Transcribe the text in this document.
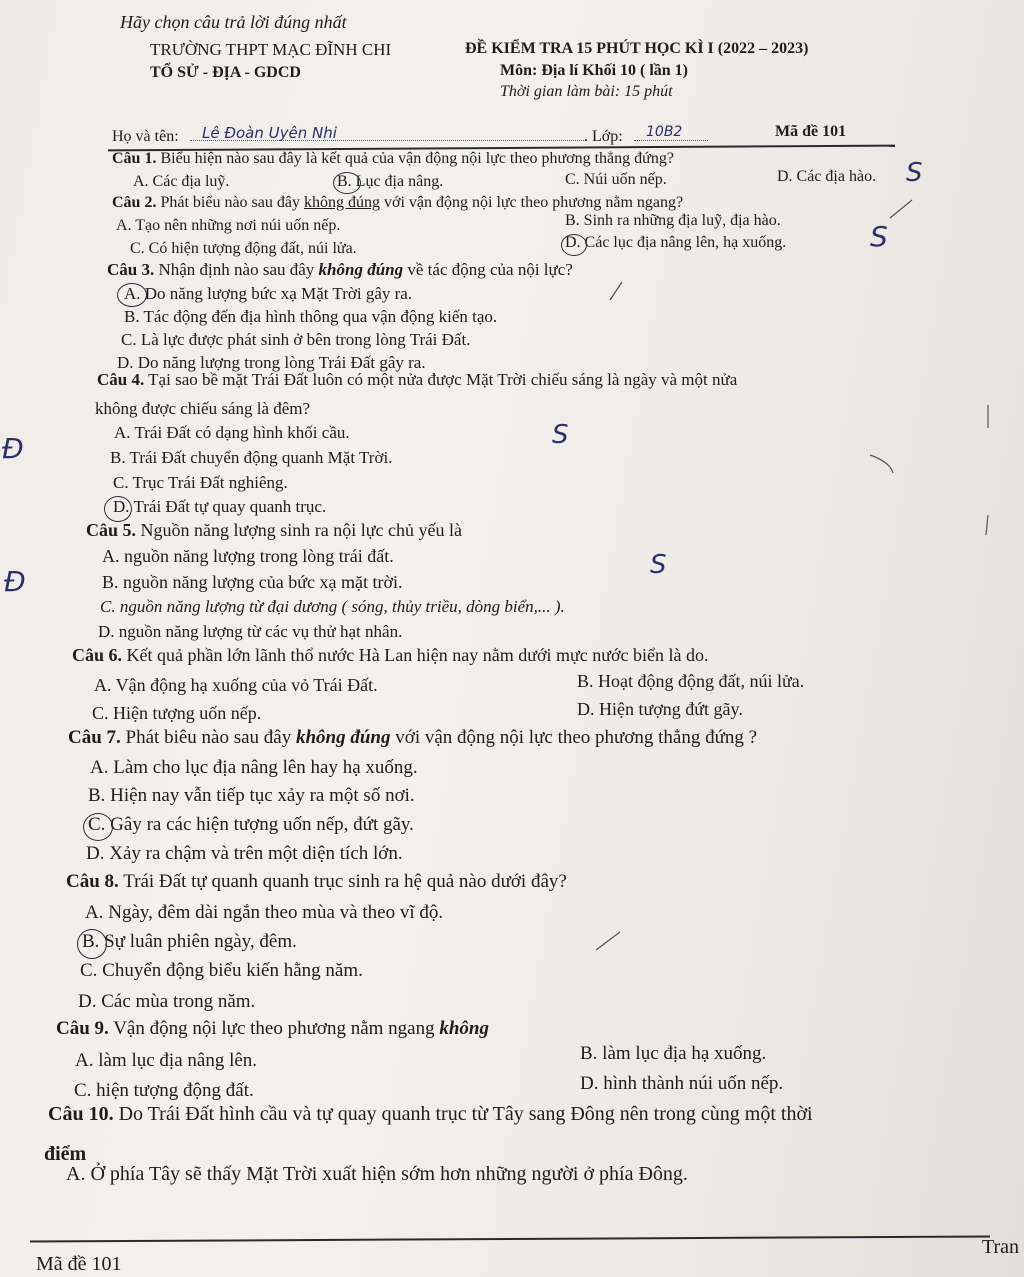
Hãy chọn câu trả lời đúng nhất
TRƯỜNG THPT MẠC ĐĨNH CHI
TỔ SỬ - ĐỊA - GDCD
ĐỀ KIỂM TRA 15 PHÚT HỌC KÌ I (2022 – 2023)
Môn: Địa lí Khối 10 ( lần 1)
Thời gian làm bài: 15 phút
Họ và tên: Lê Đoàn Uyên Nhi	. Lớp: 10B2	Mã đề 101
Câu 1. Biểu hiện nào sau đây là kết quả của vận động nội lực theo phương thẳng đứng?
A. Các địa luỹ.	B. Lục địa nâng.	C. Núi uốn nếp.	D. Các địa hào.
Câu 2. Phát biểu nào sau đây không đúng với vận động nội lực theo phương nằm ngang?
A. Tạo nên những nơi núi uốn nếp.	B. Sinh ra những địa luỹ, địa hào.
C. Có hiện tượng động đất, núi lửa.	D. Các lục địa nâng lên, hạ xuống.
Câu 3. Nhận định nào sau đây không đúng về tác động của nội lực?
A. Do năng lượng bức xạ Mặt Trời gây ra.
B. Tác động đến địa hình thông qua vận động kiến tạo.
C. Là lực được phát sinh ở bên trong lòng Trái Đất.
D. Do năng lượng trong lòng Trái Đất gây ra.
Câu 4. Tại sao bề mặt Trái Đất luôn có một nửa được Mặt Trời chiếu sáng là ngày và một nửa
không được chiếu sáng là đêm?
A. Trái Đất có dạng hình khối cầu.
B. Trái Đất chuyển động quanh Mặt Trời.
C. Trục Trái Đất nghiêng.
D. Trái Đất tự quay quanh trục.
Câu 5. Nguồn năng lượng sinh ra nội lực chủ yếu là
A. nguồn năng lượng trong lòng trái đất.
B. nguồn năng lượng của bức xạ mặt trời.
C. nguồn năng lượng từ đại dương ( sóng, thủy triều, dòng biển,... ).
D. nguồn năng lượng từ các vụ thử hạt nhân.
Câu 6. Kết quả phần lớn lãnh thổ nước Hà Lan hiện nay nằm dưới mực nước biển là do.
A. Vận động hạ xuống của vỏ Trái Đất.	B. Hoạt động động đất, núi lửa.
C. Hiện tượng uốn nếp.	D. Hiện tượng đứt gãy.
Câu 7. Phát biêu nào sau đây không đúng với vận động nội lực theo phương thẳng đứng ?
A. Làm cho lục địa nâng lên hay hạ xuống.
B. Hiện nay vẫn tiếp tục xảy ra một số nơi.
C. Gây ra các hiện tượng uốn nếp, đứt gãy.
D. Xảy ra chậm và trên một diện tích lớn.
Câu 8. Trái Đất tự quanh quanh trục sinh ra hệ quả nào dưới đây?
A. Ngày, đêm dài ngắn theo mùa và theo vĩ độ.
B. Sự luân phiên ngày, đêm.
C. Chuyển động biểu kiến hằng năm.
D. Các mùa trong năm.
Câu 9. Vận động nội lực theo phương nằm ngang không
A. làm lục địa nâng lên.	B. làm lục địa hạ xuống.
C. hiện tượng động đất.	D. hình thành núi uốn nếp.
Câu 10. Do Trái Đất hình cầu và tự quay quanh trục từ Tây sang Đông nên trong cùng một thời
điểm
A. Ở phía Tây sẽ thấy Mặt Trời xuất hiện sớm hơn những người ở phía Đông.
Mã đề 101
Tran
S
S
S
S
Ð
Ð
